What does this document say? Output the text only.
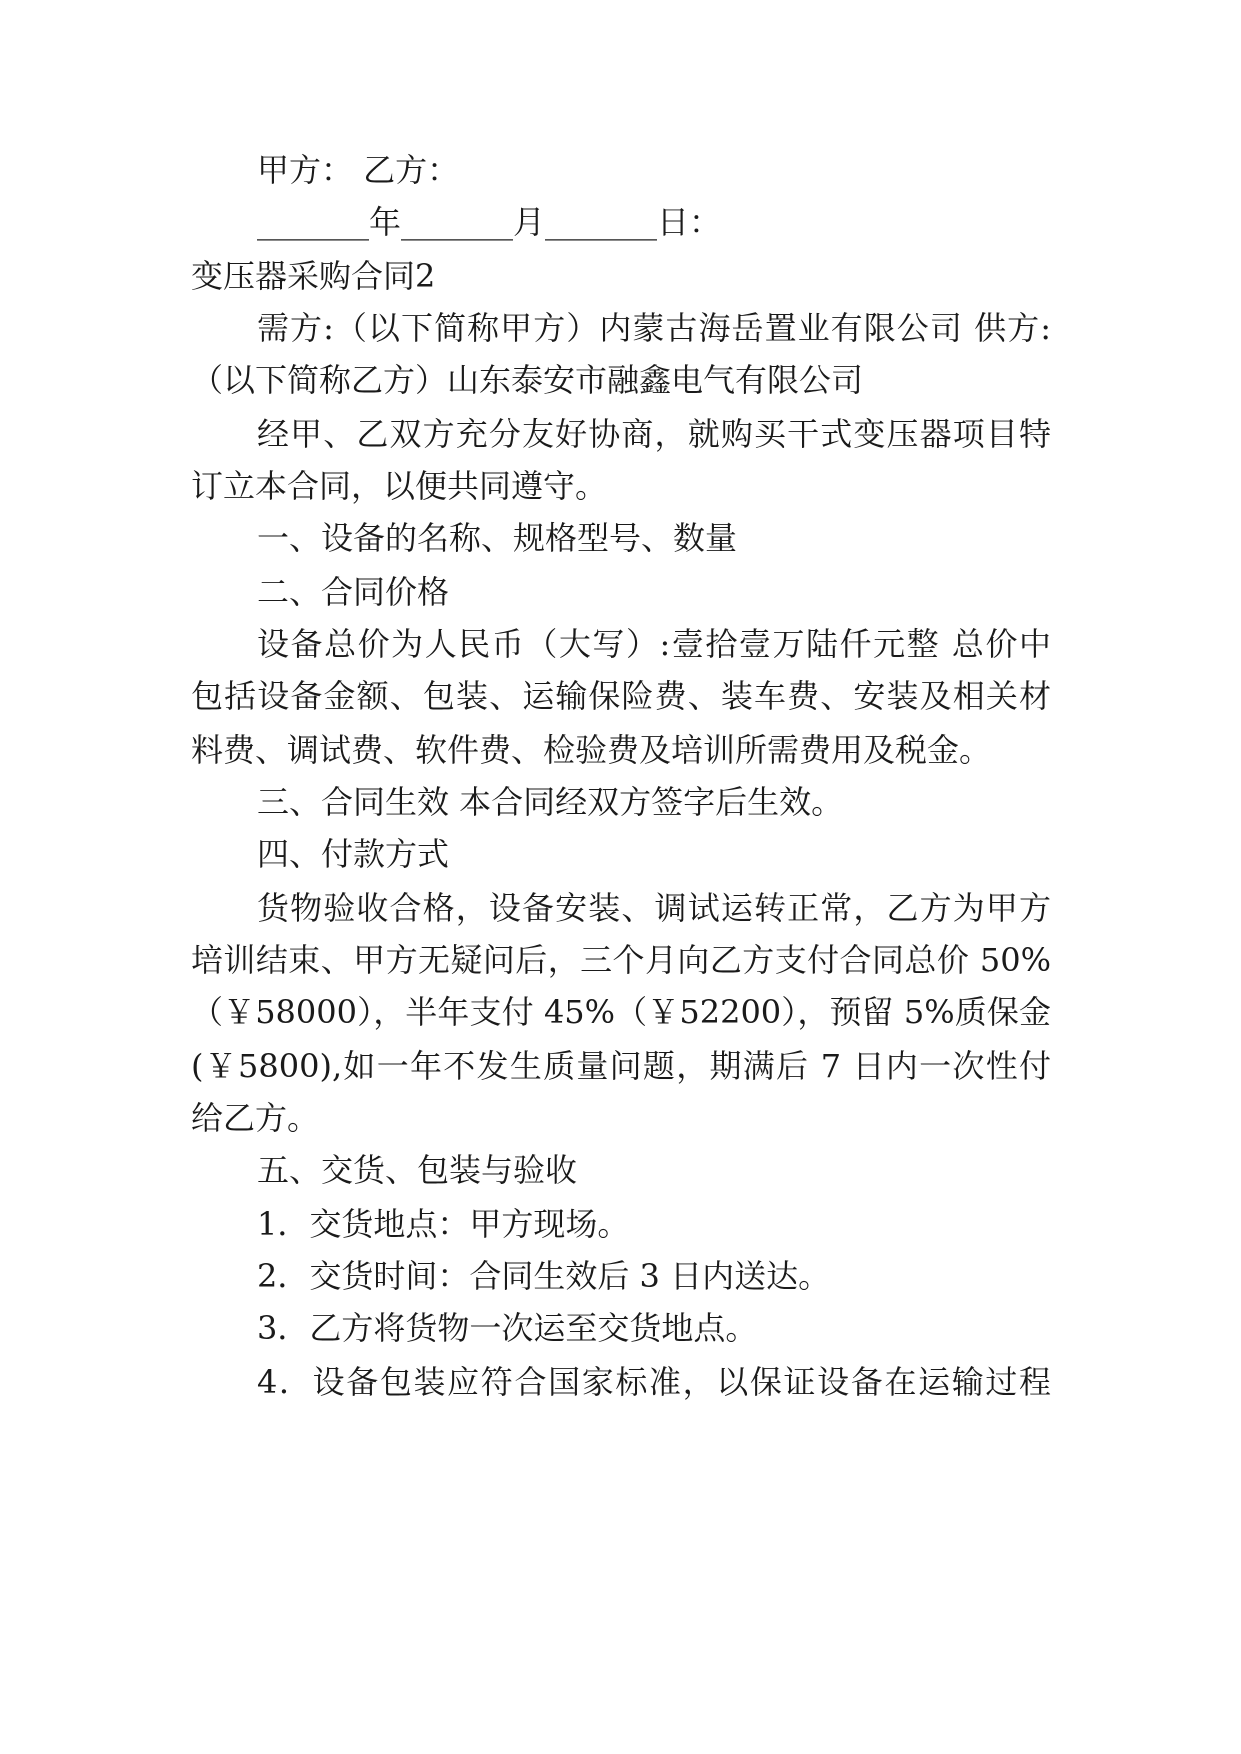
甲方： 乙方：

_______年_______月_______日：

变压器采购合同2

需方:（以下简称甲方）内蒙古海岳置业有限公司 供方:

（以下简称乙方）山东泰安市融鑫电气有限公司

经甲、乙双方充分友好协商，就购买干式变压器项目特

订立本合同，以便共同遵守。

一、设备的名称、规格型号、数量

二、合同价格

设备总价为人民币（大写）:壹拾壹万陆仟元整 总价中

包括设备金额、包装、运输保险费、装车费、安装及相关材

料费、调试费、软件费、检验费及培训所需费用及税金。

三、合同生效 本合同经双方签字后生效。

四、付款方式

货物验收合格，设备安装、调试运转正常，乙方为甲方

培训结束、甲方无疑问后，三个月向乙方支付合同总价 50%

（￥58000），半年支付 45%（￥52200），预留 5%质保金

(￥5800),如一年不发生质量问题，期满后 7 日内一次性付

给乙方。

五、交货、包装与验收

1．交货地点：甲方现场。

2．交货时间：合同生效后 3 日内送达。

3．乙方将货物一次运至交货地点。

4．设备包装应符合国家标准，以保证设备在运输过程
